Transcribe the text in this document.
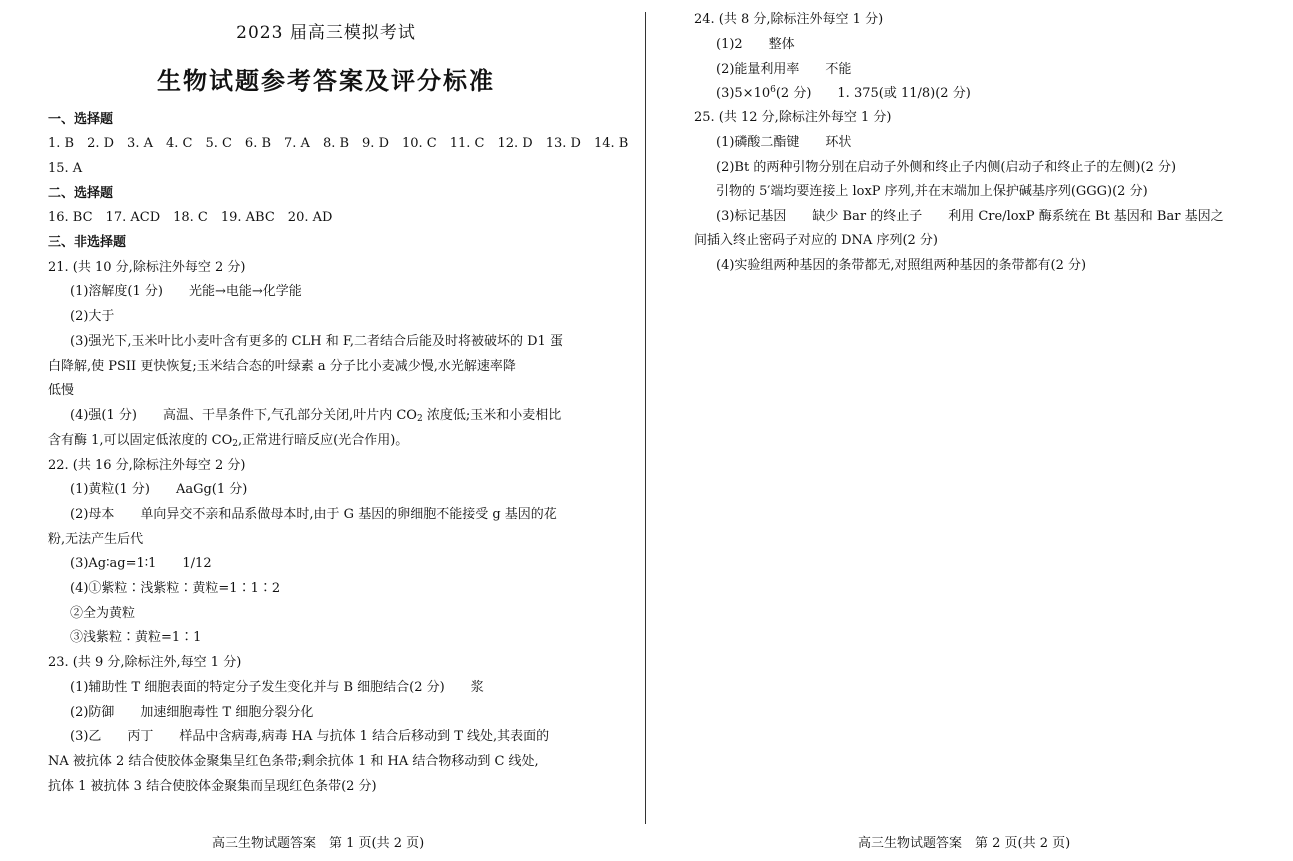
2023 届高三模拟考试
生物试题参考答案及评分标准
一、选择题
1. B　2. D　3. A　4. C　5. C　6. B　7. A　8. B　9. D　10. C　11. C　12. D　13. D　14. B
15. A
二、选择题
16. BC　17. ACD　18. C　19. ABC　20. AD
三、非选择题
21. (共 10 分,除标注外每空 2 分)
(1)溶解度(1 分)　　光能→电能→化学能
(2)大于
(3)强光下,玉米叶比小麦叶含有更多的 CLH 和 F,二者结合后能及时将被破坏的 D1 蛋
白降解,使 PSII 更快恢复;玉米结合态的叶绿素 a 分子比小麦减少慢,水光解速率降
低慢
(4)强(1 分)　　高温、干旱条件下,气孔部分关闭,叶片内 $CO_2$ 浓度低;玉米和小麦相比
含有酶 1,可以固定低浓度的 $CO_2$,正常进行暗反应(光合作用)。
22. (共 16 分,除标注外每空 2 分)
(1)黄粒(1 分)　　AaGg(1 分)
(2)母本　　单向异交不亲和品系做母本时,由于 G 基因的卵细胞不能接受 g 基因的花
粉,无法产生后代
(3)Ag∶ag=1∶1　　1/12
(4)①紫粒∶浅紫粒∶黄粒=1∶1∶2
②全为黄粒
③浅紫粒∶黄粒=1∶1
23. (共 9 分,除标注外,每空 1 分)
(1)辅助性 T 细胞表面的特定分子发生变化并与 B 细胞结合(2 分)　　浆
(2)防御　　加速细胞毒性 T 细胞分裂分化
(3)乙　　丙丁　　样品中含病毒,病毒 HA 与抗体 1 结合后移动到 T 线处,其表面的
NA 被抗体 2 结合使胶体金聚集呈红色条带;剩余抗体 1 和 HA 结合物移动到 C 线处,
抗体 1 被抗体 3 结合使胶体金聚集而呈现红色条带(2 分)
24. (共 8 分,除标注外每空 1 分)
(1)2　　整体
(2)能量利用率　　不能
$(3)5\times 10^6(2$ 分)　　1. 375(或 11/8)(2 分)
25. (共 12 分,除标注外每空 1 分)
(1)磷酸二酯键　　环状
(2)Bt 的两种引物分别在启动子外侧和终止子内侧(启动子和终止子的左侧)(2 分)
引物的 5′端均要连接上 loxP 序列,并在末端加上保护碱基序列(GGG)(2 分)
(3)标记基因　　缺少 Bar 的终止子　　利用 Cre/loxP 酶系统在 Bt 基因和 Bar 基因之
间插入终止密码子对应的 DNA 序列(2 分)
(4)实验组两种基因的条带都无,对照组两种基因的条带都有(2 分)
高三生物试题答案　第 1 页(共 2 页)	高三生物试题答案　第 2 页(共 2 页)
